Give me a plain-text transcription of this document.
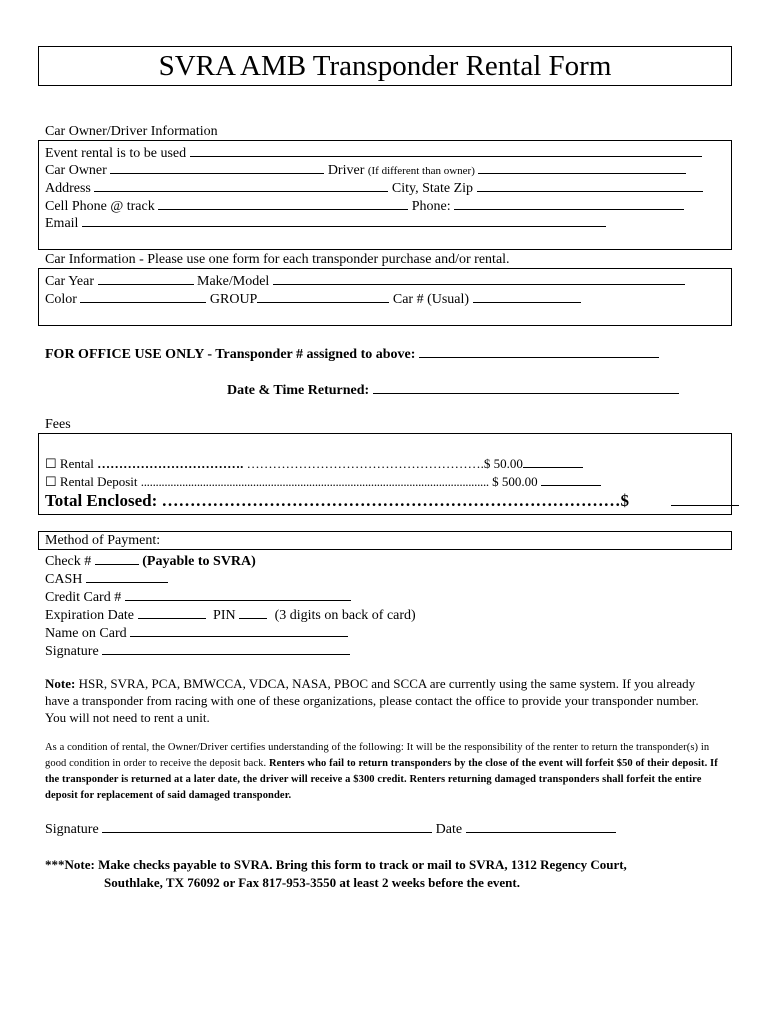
SVRA AMB Transponder Rental Form
Car Owner/Driver Information
Event rental is to be used
Car Owner	Driver (If different than owner)
Address	City, State Zip
Cell Phone @ track	Phone:
Email
Car Information - Please use one form for each transponder purchase and/or rental.
Car Year	Make/Model
Color	GROUP	Car # (Usual)
FOR OFFICE USE ONLY - Transponder # assigned to above:
Date & Time Returned:
Fees
☐ Rental ……………………………. ……………………………………………….$ 50.00
☐ Rental Deposit ...................................................................................................................... $ 500.00
Total Enclosed: ………………………………………………………………………$
Method of Payment:
Check #	(Payable to SVRA)
CASH
Credit Card #
Expiration Date	PIN	(3 digits on back of card)
Name on Card
Signature
Note: HSR, SVRA, PCA, BMWCCA, VDCA, NASA, PBOC and SCCA are currently using the same system. If you already have a transponder from racing with one of these organizations, please contact the office to provide your transponder number. You will not need to rent a unit.
As a condition of rental, the Owner/Driver certifies understanding of the following: It will be the responsibility of the renter to return the transponder(s) in good condition in order to receive the deposit back. Renters who fail to return transponders by the close of the event will forfeit $50 of their deposit. If the transponder is returned at a later date, the driver will receive a $300 credit. Renters returning damaged transponders shall forfeit the entire deposit for replacement of said damaged transponder.
Signature	Date
***Note: Make checks payable to SVRA. Bring this form to track or mail to SVRA, 1312 Regency Court,
Southlake, TX 76092 or Fax 817-953-3550 at least 2 weeks before the event.
